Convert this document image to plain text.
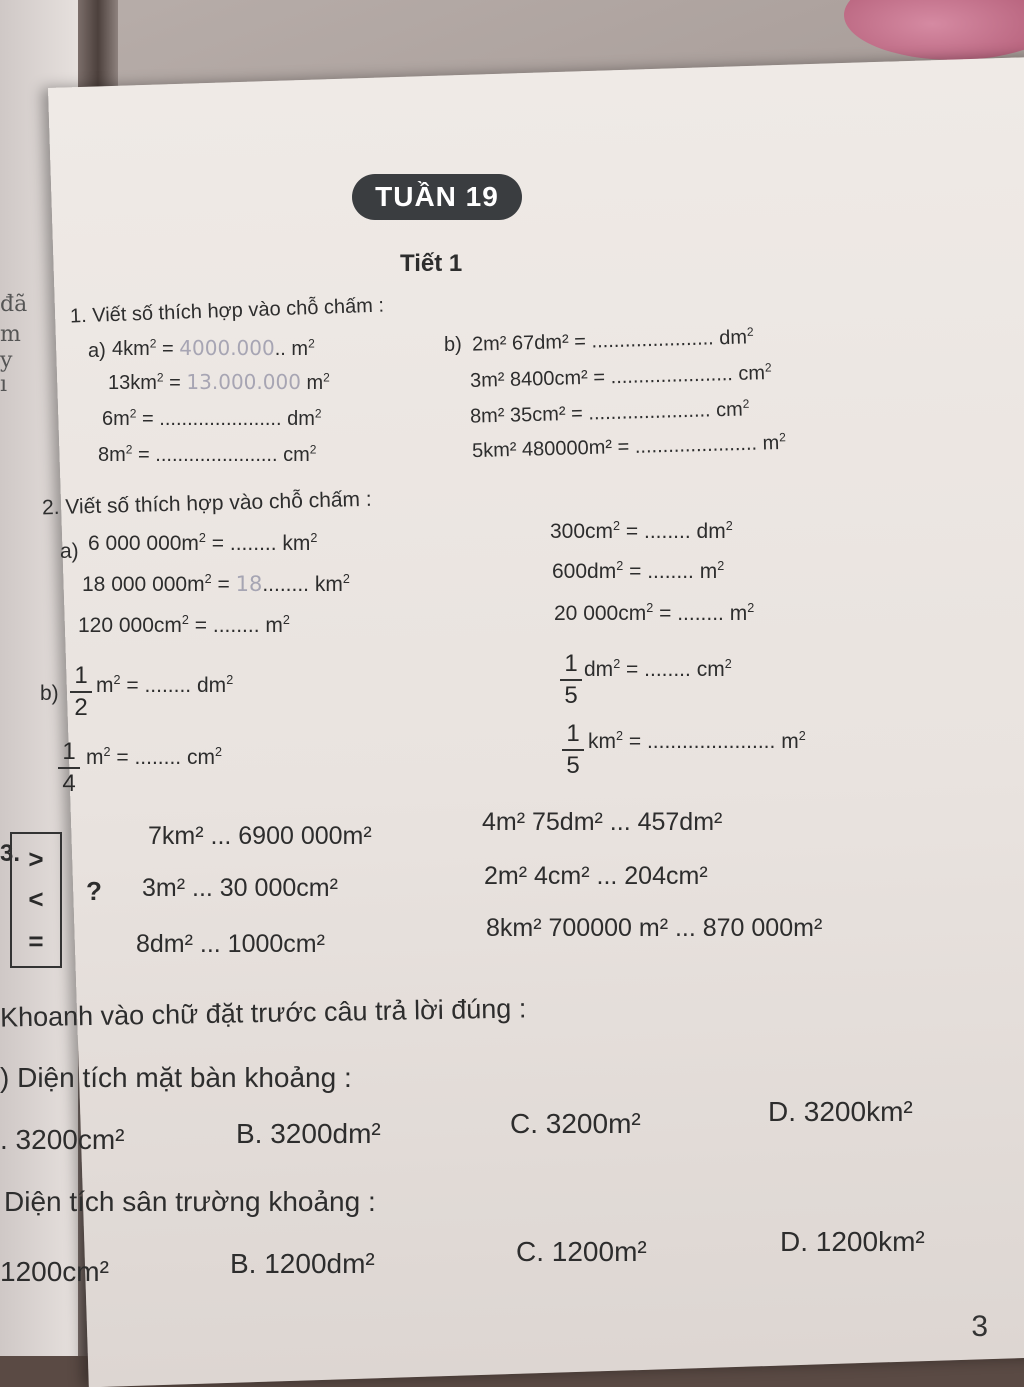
đã
m
y
ı
TUẦN 19
Tiết 1
1. Viết số thích hợp vào chỗ chấm :
a) $4km^2 = 4000.000$.. $m^2$
$13km^2 = 13.000.000$ $m^2$
$6m^2$ = ...................... $dm^2$
$8m^2$ = ...................... $cm^2$
b) 2m² 67dm² = ...................... $dm^2$
3m² 8400cm² = ...................... $cm^2$
8m² 35cm² = ...................... $cm^2$
5km² 480000m² = ...................... $m^2$
2. Viết số thích hợp vào chỗ chấm :
a) 6 000 $000m^2$ = ........ $km^2$
18 000 $000m^2 = 18$........ $km^2$
120 $000cm^2$ = ........ $m^2$
$300cm^2$ = ........ $dm^2$
$600dm^2$ = ........ $m^2$
20 $000cm^2$ = ........ $m^2$
b)
1
2
$m^2$ = ........ $dm^2$
1
5
$dm^2$ = ........ $cm^2$
1
4
$m^2$ = ........ $cm^2$
1
5
$km^2$ = ...................... $m^2$
3. >
<
=
?
7km² ... 6900 000m²
3m² ... 30 000cm²
8dm² ... 1000cm²
4m² 75dm² ... 457dm²
2m² 4cm² ... 204cm²
8km² 700000 m² ... 870 000m²
Khoanh vào chữ đặt trước câu trả lời đúng :
) Diện tích mặt bàn khoảng :
. 3200cm²	B. 3200dm²	C. 3200m²	D. 3200km²
Diện tích sân trường khoảng :
1200cm²	B. 1200dm²	C. 1200m²	D. 1200km²
3
